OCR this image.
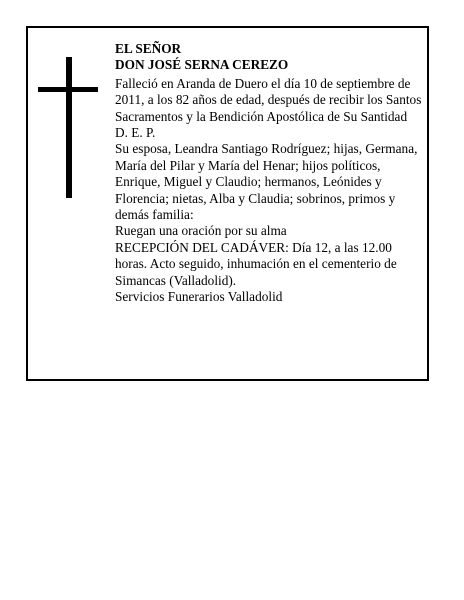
EL SEÑOR

DON JOSÉ SERNA CEREZO

Falleció en Aranda de Duero el día 10 de septiembre de 2011, a los 82 años de edad, después de recibir los Santos Sacramentos y la Bendición Apostólica de Su Santidad

D. E. P.

Su esposa, Leandra Santiago Rodríguez; hijas, Germana, María del Pilar y María del Henar; hijos políticos, Enrique, Miguel y Claudio; hermanos, Leónides y Florencia; nietas, Alba y Claudia; sobrinos, primos y demás familia:

Ruegan una oración por su alma

RECEPCIÓN DEL CADÁVER: Día 12, a las 12.00 horas. Acto seguido, inhumación en el cementerio de Simancas (Valladolid).

Servicios Funerarios Valladolid
